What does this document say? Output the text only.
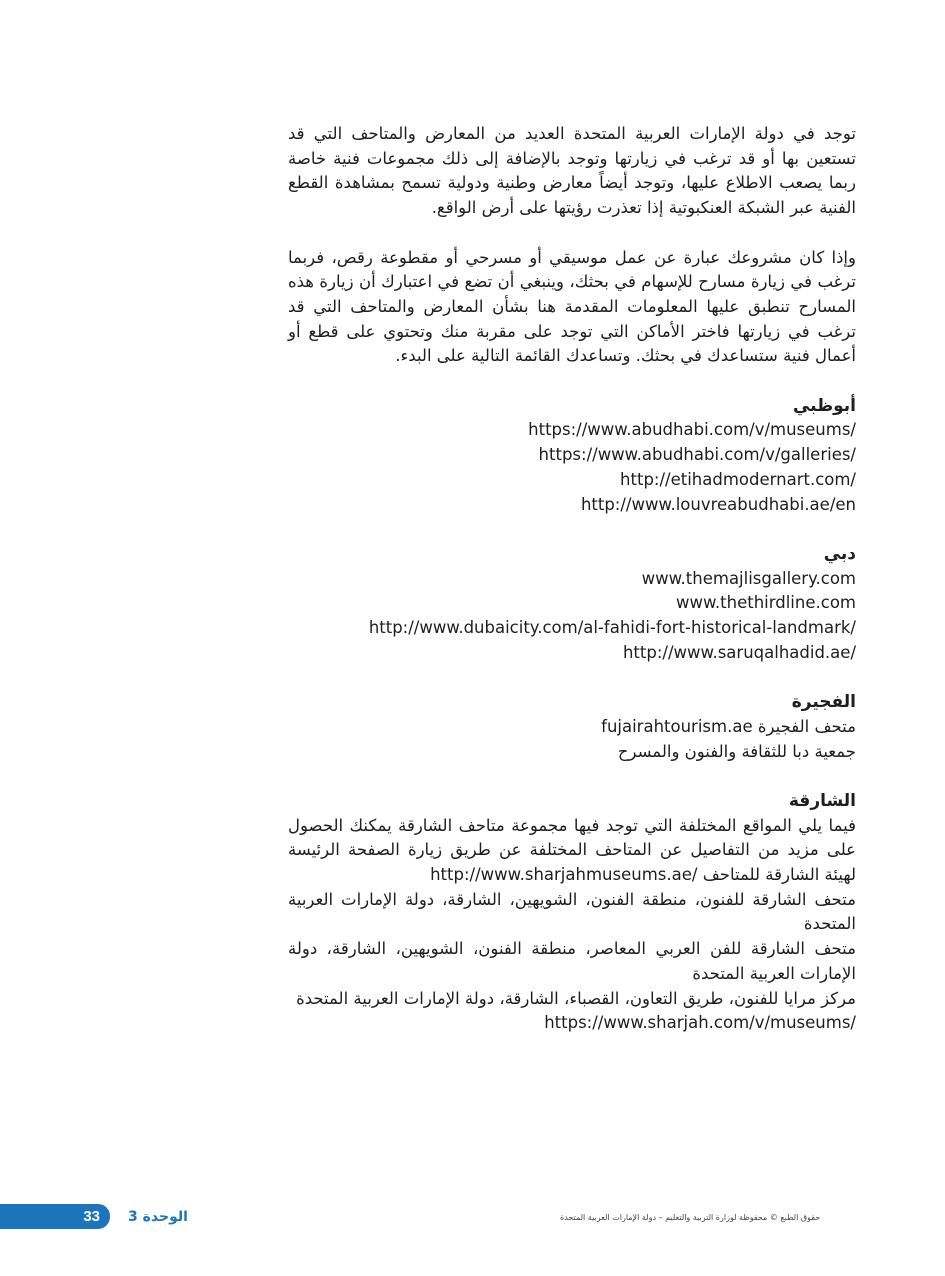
توجد في دولة الإمارات العربية المتحدة العديد من المعارض والمتاحف التي قد تستعين بها أو قد ترغب في زيارتها وتوجد بالإضافة إلى ذلك مجموعات فنية خاصة ربما يصعب الاطلاع عليها، وتوجد أيضاً معارض وطنية ودولية تسمح بمشاهدة القطع الفنية عبر الشبكة العنكبوتية إذا تعذرت رؤيتها على أرض الواقع.

وإذا كان مشروعك عبارة عن عمل موسيقي أو مسرحي أو مقطوعة رقص، فربما ترغب في زيارة مسارح للإسهام في بحثك، وينبغي أن تضع في اعتبارك أن زيارة هذه المسارح تنطبق عليها المعلومات المقدمة هنا بشأن المعارض والمتاحف التي قد ترغب في زيارتها فاختر الأماكن التي توجد على مقربة منك وتحتوي على قطع أو أعمال فنية ستساعدك في بحثك. وتساعدك القائمة التالية على البدء.

أبوظبي

https://www.abudhabi.com/v/museums/

https://www.abudhabi.com/v/galleries/

http://etihadmodernart.com/

http://www.louvreabudhabi.ae/en

دبي

www.themajlisgallery.com

www.thethirdline.com

http://www.dubaicity.com/al-fahidi-fort-historical-landmark/

http://www.saruqalhadid.ae/

الفجيرة

متحف الفجيرة fujairahtourism.ae

جمعية دبا للثقافة والفنون والمسرح

الشارقة

فيما يلي المواقع المختلفة التي توجد فيها مجموعة متاحف الشارقة يمكنك الحصول على مزيد من التفاصيل عن المتاحف المختلفة عن طريق زيارة الصفحة الرئيسة لهيئة الشارقة للمتاحف http://www.sharjahmuseums.ae/

متحف الشارقة للفنون، منطقة الفنون، الشويهين، الشارقة، دولة الإمارات العربية المتحدة

متحف الشارقة للفن العربي المعاصر، منطقة الفنون، الشويهين، الشارقة، دولة الإمارات العربية المتحدة

مركز مرايا للفنون، طريق التعاون، القصباء، الشارقة، دولة الإمارات العربية المتحدة

https://www.sharjah.com/v/museums/

33 الوحدة 3	حقوق الطبع © محفوظة لوزارة التربية والتعليم – دولة الإمارات العربية المتحدة
